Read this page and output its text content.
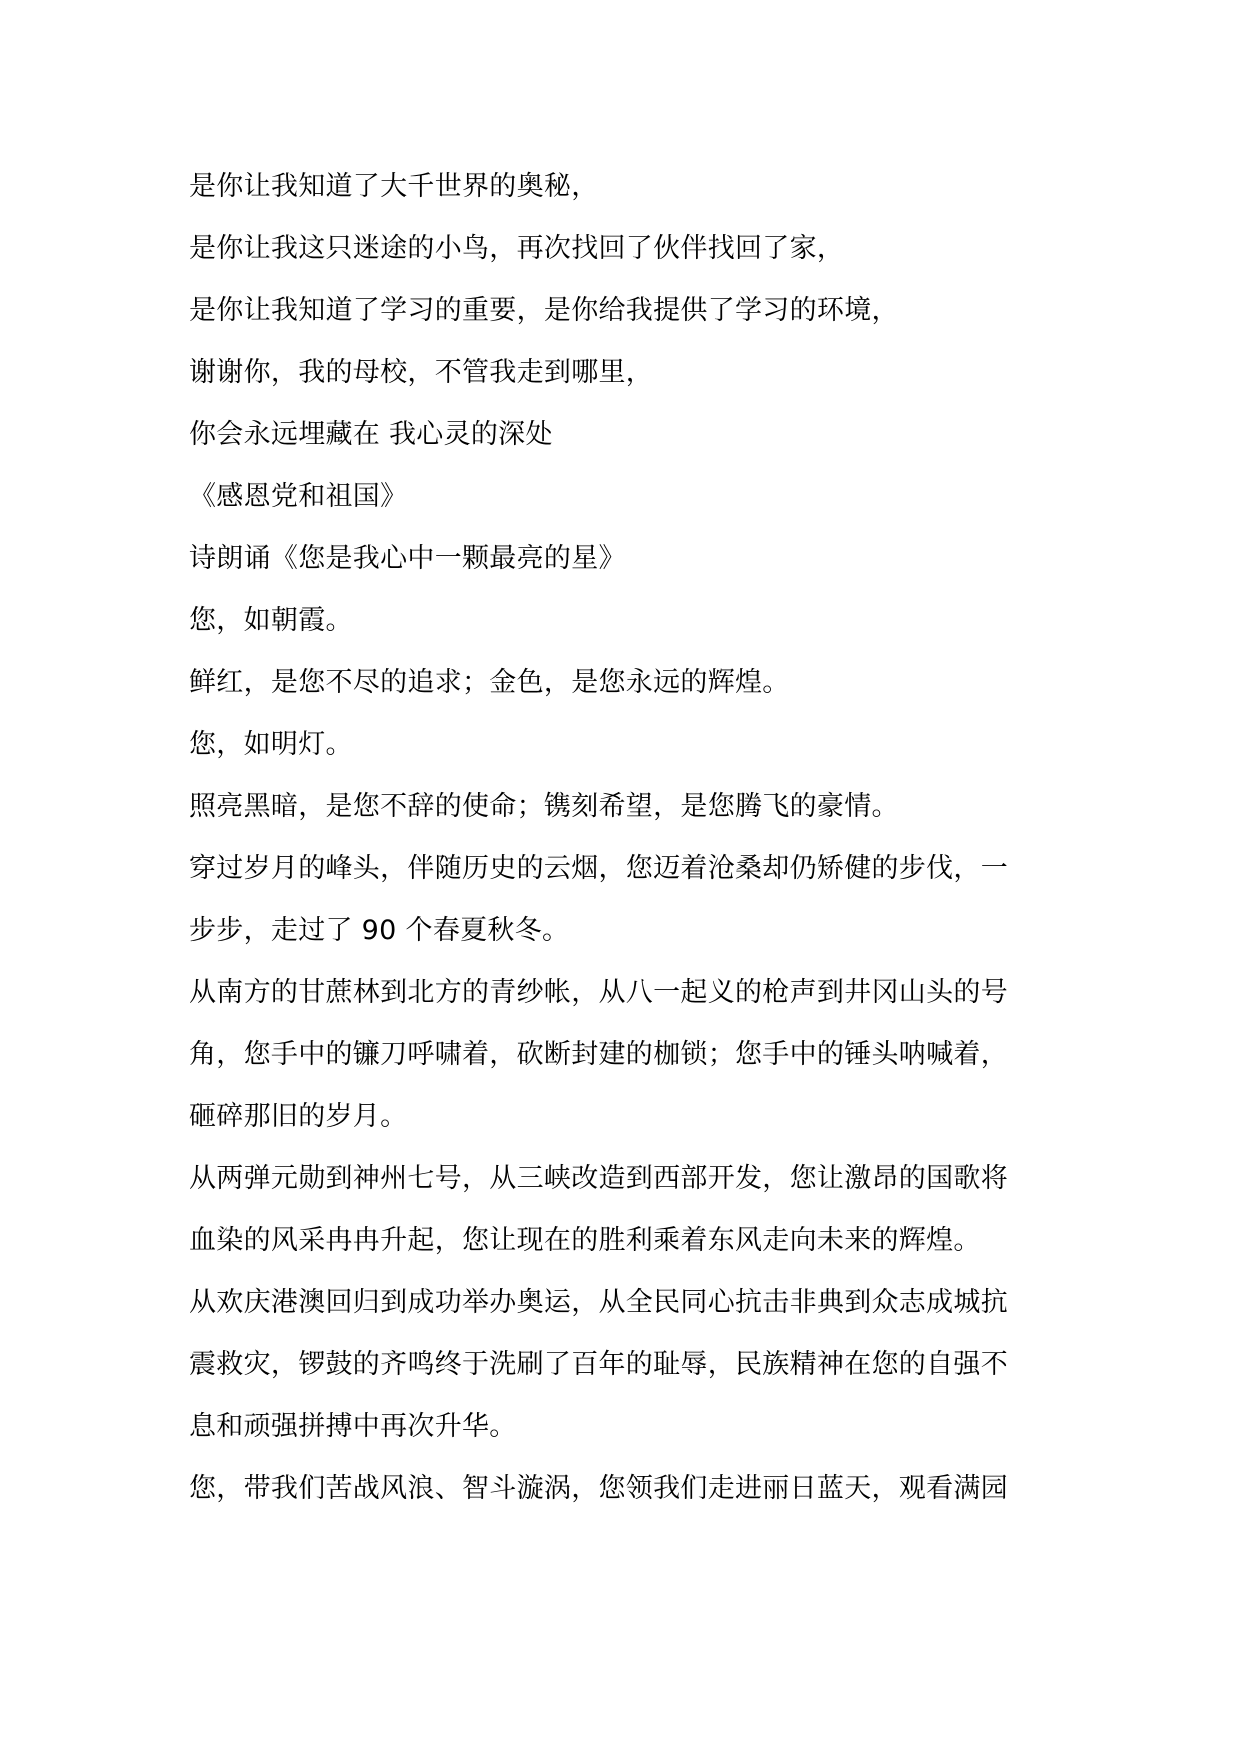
是你让我知道了大千世界的奥秘，
是你让我这只迷途的小鸟，再次找回了伙伴找回了家，
是你让我知道了学习的重要，是你给我提供了学习的环境，
谢谢你，我的母校，不管我走到哪里，
你会永远埋藏在 我心灵的深处
《感恩党和祖国》
诗朗诵《您是我心中一颗最亮的星》
您，如朝霞。
鲜红，是您不尽的追求；金色，是您永远的辉煌。
您，如明灯。
照亮黑暗，是您不辞的使命；镌刻希望，是您腾飞的豪情。
穿过岁月的峰头，伴随历史的云烟，您迈着沧桑却仍矫健的步伐，一
步步，走过了 90 个春夏秋冬。
从南方的甘蔗林到北方的青纱帐，从八一起义的枪声到井冈山头的号
角，您手中的镰刀呼啸着，砍断封建的枷锁；您手中的锤头呐喊着，
砸碎那旧的岁月。
从两弹元勋到神州七号，从三峡改造到西部开发，您让激昂的国歌将
血染的风采冉冉升起，您让现在的胜利乘着东风走向未来的辉煌。
从欢庆港澳回归到成功举办奥运，从全民同心抗击非典到众志成城抗
震救灾，锣鼓的齐鸣终于洗刷了百年的耻辱，民族精神在您的自强不
息和顽强拼搏中再次升华。
您，带我们苦战风浪、智斗漩涡，您领我们走进丽日蓝天，观看满园
